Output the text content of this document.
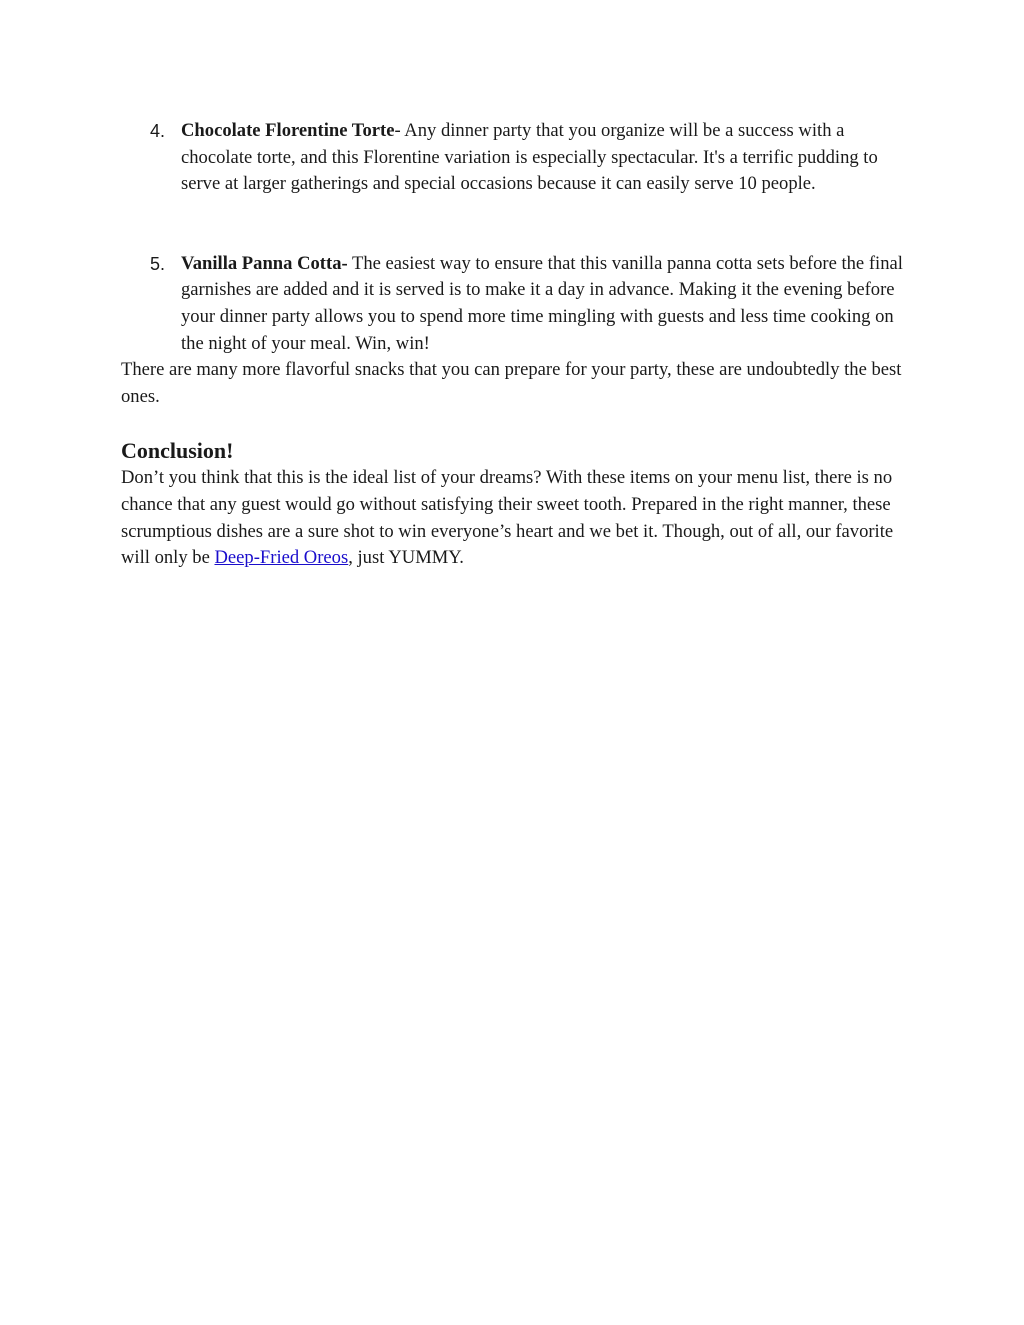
4. Chocolate Florentine Torte- Any dinner party that you organize will be a success with a chocolate torte, and this Florentine variation is especially spectacular. It's a terrific pudding to serve at larger gatherings and special occasions because it can easily serve 10 people.
5. Vanilla Panna Cotta- The easiest way to ensure that this vanilla panna cotta sets before the final garnishes are added and it is served is to make it a day in advance. Making it the evening before your dinner party allows you to spend more time mingling with guests and less time cooking on the night of your meal. Win, win!

There are many more flavorful snacks that you can prepare for your party, these are undoubtedly the best ones.

Conclusion!

Don’t you think that this is the ideal list of your dreams? With these items on your menu list, there is no chance that any guest would go without satisfying their sweet tooth. Prepared in the right manner, these scrumptious dishes are a sure shot to win everyone’s heart and we bet it. Though, out of all, our favorite will only be Deep-Fried Oreos, just YUMMY.
